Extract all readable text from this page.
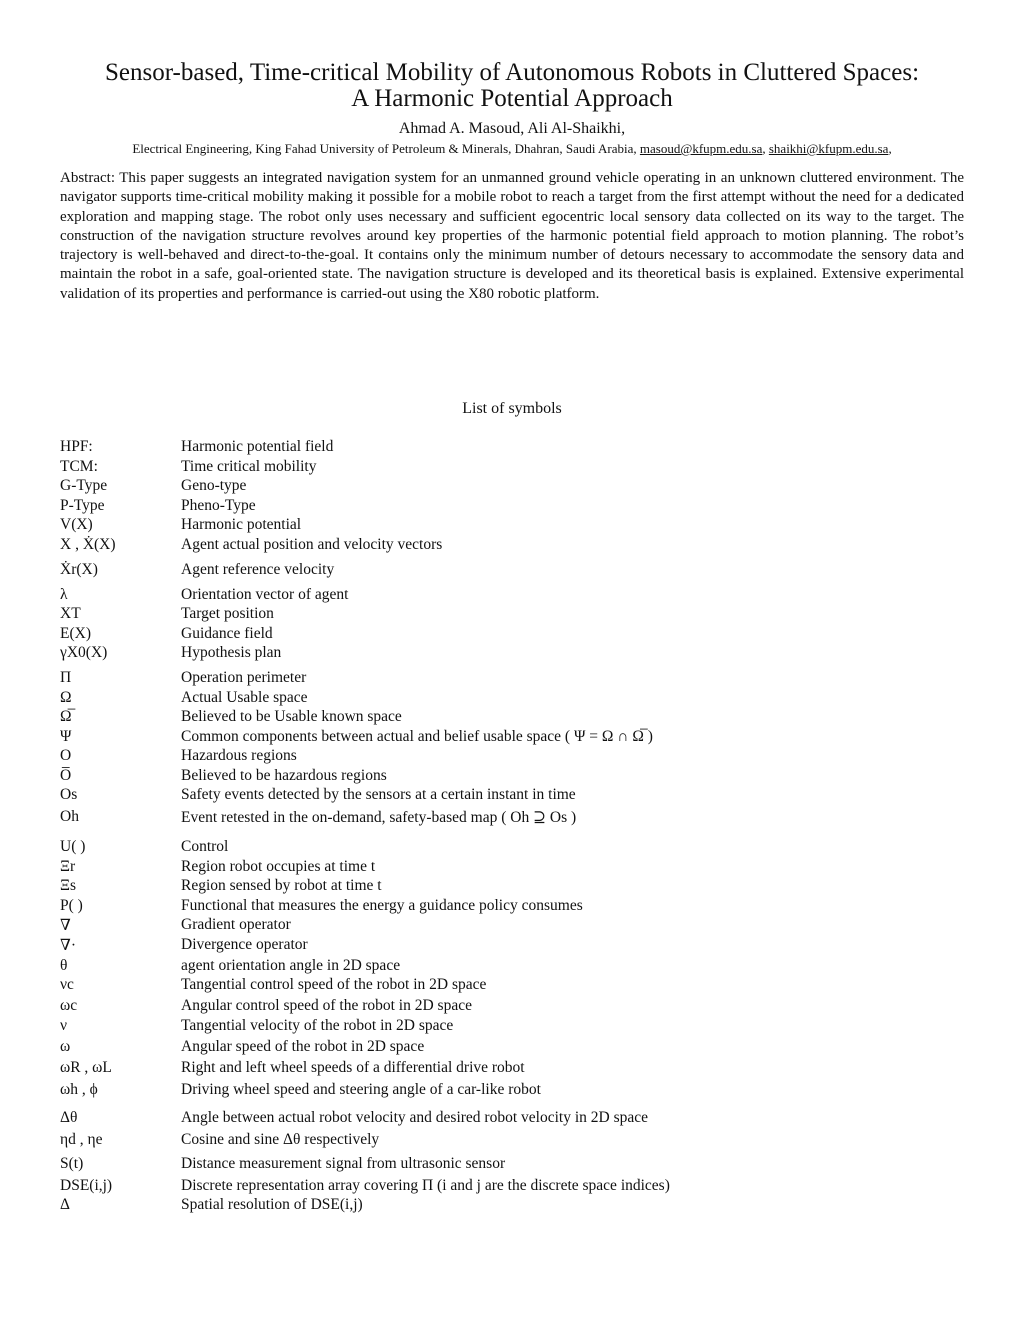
Sensor-based, Time-critical Mobility of Autonomous Robots in Cluttered Spaces:
A Harmonic Potential Approach
Ahmad A. Masoud, Ali Al-Shaikhi,
Electrical Engineering, King Fahad University of Petroleum & Minerals, Dhahran, Saudi Arabia, masoud@kfupm.edu.sa, shaikhi@kfupm.edu.sa,
Abstract: This paper suggests an integrated navigation system for an unmanned ground vehicle operating in an unknown cluttered environment. The navigator supports time-critical mobility making it possible for a mobile robot to reach a target from the first attempt without the need for a dedicated exploration and mapping stage. The robot only uses necessary and sufficient egocentric local sensory data collected on its way to the target. The construction of the navigation structure revolves around key properties of the harmonic potential field approach to motion planning. The robot’s trajectory is well-behaved and direct-to-the-goal. It contains only the minimum number of detours necessary to accommodate the sensory data and maintain the robot in a safe, goal-oriented state. The navigation structure is developed and its theoretical basis is explained. Extensive experimental validation of its properties and performance is carried-out using the X80 robotic platform.
List of symbols
HPF:	Harmonic potential field
TCM:	Time critical mobility
G-Type	Geno-type
P-Type	Pheno-Type
V(X)	Harmonic potential
X , Ẋ(X)	Agent actual position and velocity vectors
Ẋr(X)	Agent reference velocity
λ	Orientation vector of agent
XT	Target position
E(X)	Guidance field
γX0(X)	Hypothesis plan
Π	Operation perimeter
Ω	Actual Usable space
Ω̅	Believed to be Usable known space
Ψ	Common components between actual and belief usable space ( Ψ = Ω ∩ Ω̅ )
O	Hazardous regions
O̅	Believed to be hazardous regions
Os	Safety events detected by the sensors at a certain instant in time
Oh	Event retested in the on-demand, safety-based map ( Oh ⊇ Os )
U( )	Control
Ξr	Region robot occupies at time t
Ξs	Region sensed by robot at time t
P( )	Functional that measures the energy a guidance policy consumes
∇	Gradient operator
∇·	Divergence operator
θ	agent orientation angle in 2D space
νc	Tangential control speed of the robot in 2D space
ωc	Angular control speed of the robot in 2D space
ν	Tangential velocity of the robot in 2D space
ω	Angular speed of the robot in 2D space
ωR , ωL	Right and left wheel speeds of a differential drive robot
ωh , ϕ	Driving wheel speed and steering angle of a car-like robot
Δθ	Angle between actual robot velocity and desired robot velocity in 2D space
ηd , ηe	Cosine and sine Δθ respectively
S(t)	Distance measurement signal from ultrasonic sensor
DSE(i,j)	Discrete representation array covering Π (i and j are the discrete space indices)
Δ	Spatial resolution of DSE(i,j)
